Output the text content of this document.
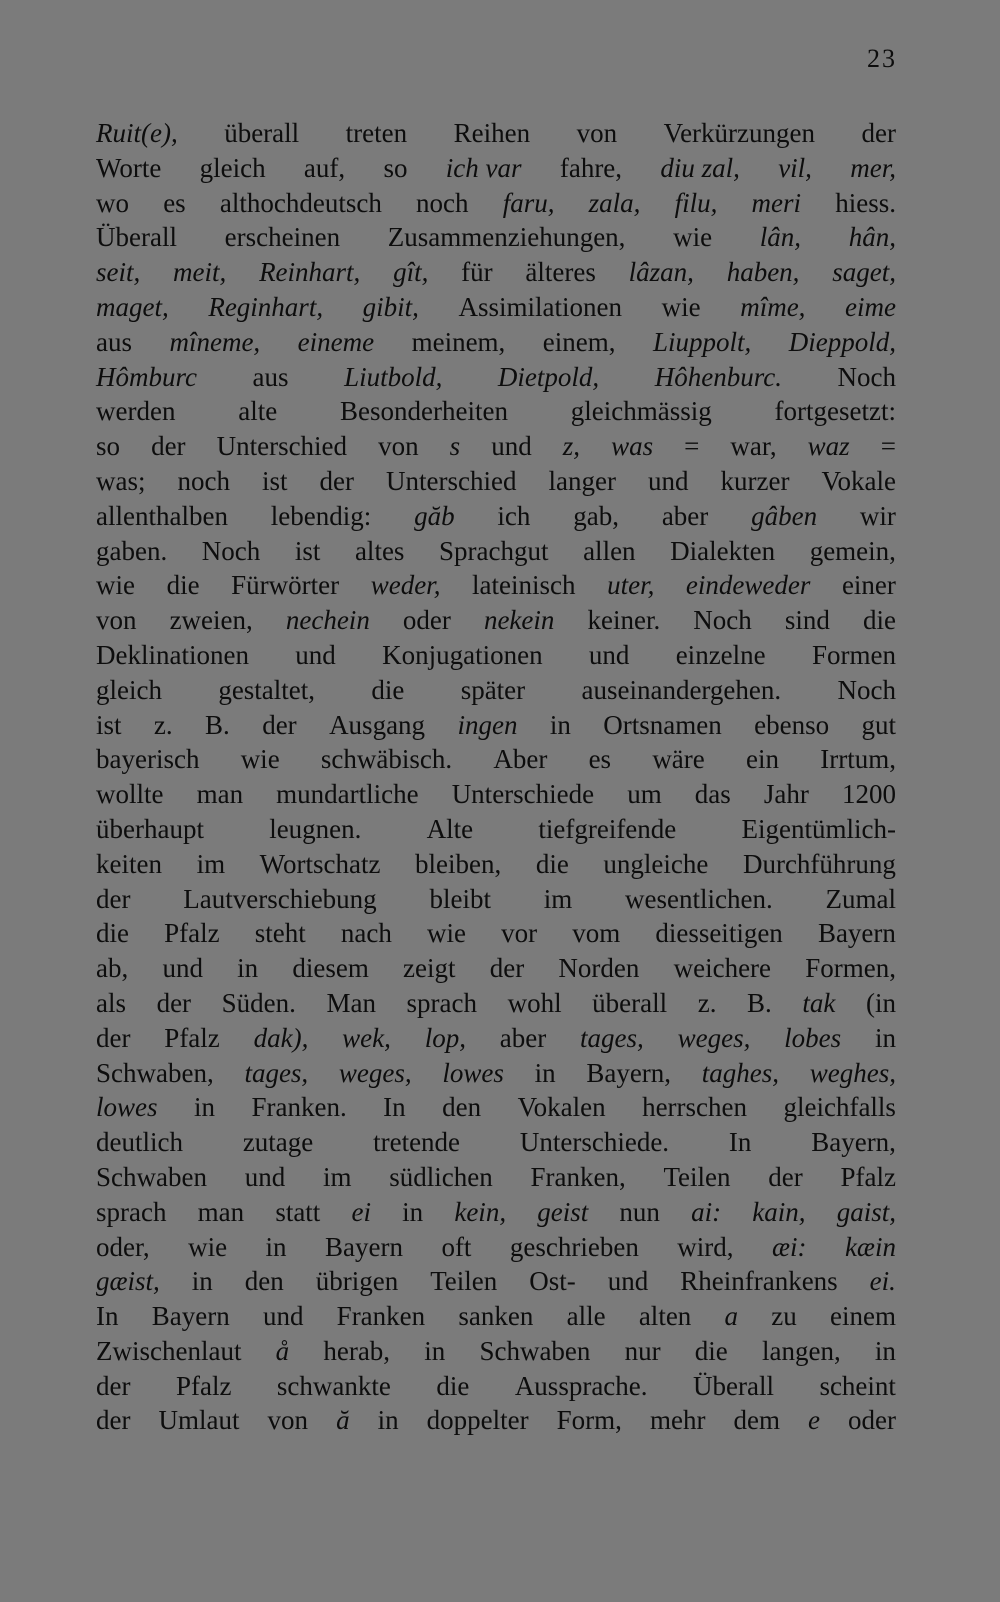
23
Ruit(e), überall treten Reihen von Verkürzungen der
Worte gleich auf, so ich var fahre, diu zal, vil, mer,
wo es althochdeutsch noch faru, zala, filu, meri hiess.
Überall erscheinen Zusammenziehungen, wie lân, hân,
seit, meit, Reinhart, gît, für älteres lâzan, haben, saget,
maget, Reginhart, gibit, Assimilationen wie mîme, eime
aus mîneme, eineme meinem, einem, Liuppolt, Dieppold,
Hômburc aus Liutbold, Dietpold, Hôhenburc. Noch
werden alte Besonderheiten gleichmässig fortgesetzt:
so der Unterschied von s und z, was = war, waz =
was; noch ist der Unterschied langer und kurzer Vokale
allenthalben lebendig: găb ich gab, aber gâben wir
gaben. Noch ist altes Sprachgut allen Dialekten gemein,
wie die Fürwörter weder, lateinisch uter, eindeweder einer
von zweien, nechein oder nekein keiner. Noch sind die
Deklinationen und Konjugationen und einzelne Formen
gleich gestaltet, die später auseinandergehen. Noch
ist z. B. der Ausgang ingen in Ortsnamen ebenso gut
bayerisch wie schwäbisch. Aber es wäre ein Irrtum,
wollte man mundartliche Unterschiede um das Jahr 1200
überhaupt leugnen. Alte tiefgreifende Eigentümlich-
keiten im Wortschatz bleiben, die ungleiche Durchführung
der Lautverschiebung bleibt im wesentlichen. Zumal
die Pfalz steht nach wie vor vom diesseitigen Bayern
ab, und in diesem zeigt der Norden weichere Formen,
als der Süden. Man sprach wohl überall z. B. tak (in
der Pfalz dak), wek, lop, aber tages, weges, lobes in
Schwaben, tages, weges, lowes in Bayern, taghes, weghes,
lowes in Franken. In den Vokalen herrschen gleichfalls
deutlich zutage tretende Unterschiede. In Bayern,
Schwaben und im südlichen Franken, Teilen der Pfalz
sprach man statt ei in kein, geist nun ai: kain, gaist,
oder, wie in Bayern oft geschrieben wird, æi: kæin
gæist, in den übrigen Teilen Ost- und Rheinfrankens ei.
In Bayern und Franken sanken alle alten a zu einem
Zwischenlaut å herab, in Schwaben nur die langen, in
der Pfalz schwankte die Aussprache. Überall scheint
der Umlaut von ă in doppelter Form, mehr dem e oder
